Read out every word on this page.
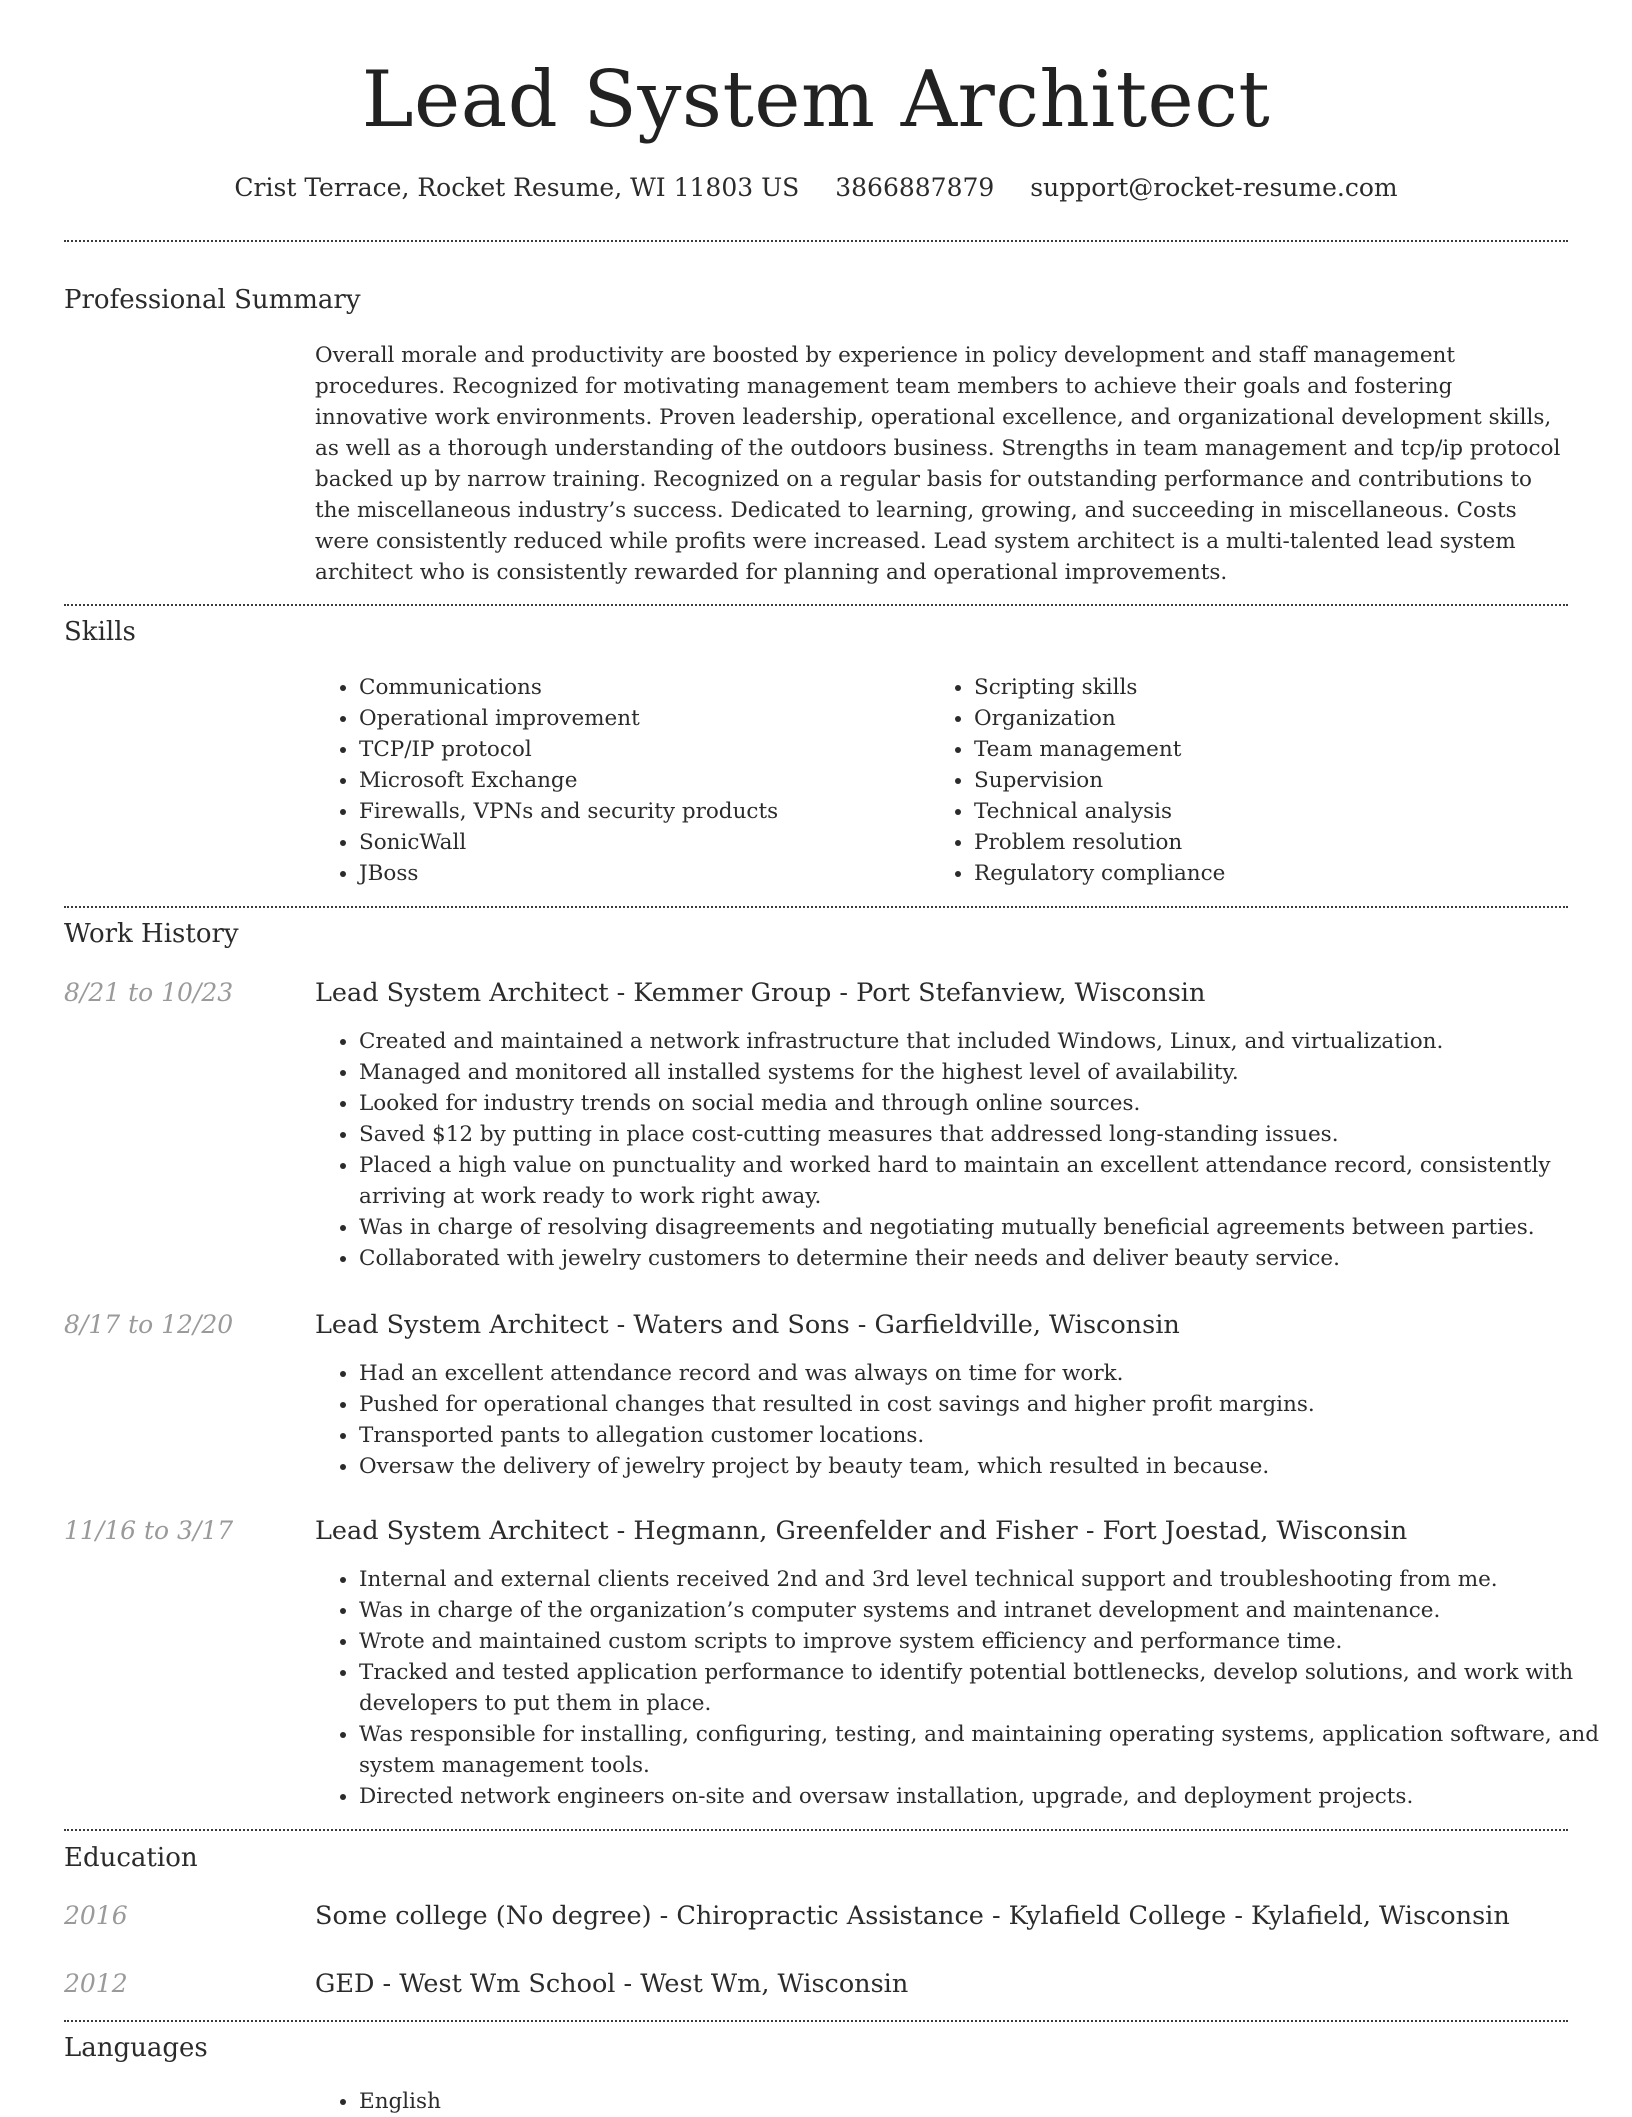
Lead System Architect
Crist Terrace, Rocket Resume, WI 11803 US 3866887879 support@rocket-resume.com
Professional Summary

Overall morale and productivity are boosted by experience in policy development and staff management procedures. Recognized for motivating management team members to achieve their goals and fostering innovative work environments. Proven leadership, operational excellence, and organizational development skills, as well as a thorough understanding of the outdoors business. Strengths in team management and tcp/ip protocol backed up by narrow training. Recognized on a regular basis for outstanding performance and contributions to the miscellaneous industry’s success. Dedicated to learning, growing, and succeeding in miscellaneous. Costs were consistently reduced while profits were increased. Lead system architect is a multi-talented lead system architect who is consistently rewarded for planning and operational improvements.

Skills
• Communications
• Operational improvement
• TCP/IP protocol
• Microsoft Exchange
• Firewalls, VPNs and security products
• SonicWall
• JBoss
• Scripting skills
• Organization
• Team management
• Supervision
• Technical analysis
• Problem resolution
• Regulatory compliance
Work History
8/21 to 10/23	Lead System Architect - Kemmer Group - Port Stefanview, Wisconsin
• Created and maintained a network infrastructure that included Windows, Linux, and virtualization.
• Managed and monitored all installed systems for the highest level of availability.
• Looked for industry trends on social media and through online sources.
• Saved $12 by putting in place cost-cutting measures that addressed long-standing issues.
• Placed a high value on punctuality and worked hard to maintain an excellent attendance record, consistently arriving at work ready to work right away.
• Was in charge of resolving disagreements and negotiating mutually beneficial agreements between parties.
• Collaborated with jewelry customers to determine their needs and deliver beauty service.
8/17 to 12/20	Lead System Architect - Waters and Sons - Garfieldville, Wisconsin
• Had an excellent attendance record and was always on time for work.
• Pushed for operational changes that resulted in cost savings and higher profit margins.
• Transported pants to allegation customer locations.
• Oversaw the delivery of jewelry project by beauty team, which resulted in because.
11/16 to 3/17	Lead System Architect - Hegmann, Greenfelder and Fisher - Fort Joestad, Wisconsin
• Internal and external clients received 2nd and 3rd level technical support and troubleshooting from me.
• Was in charge of the organization’s computer systems and intranet development and maintenance.
• Wrote and maintained custom scripts to improve system efficiency and performance time.
• Tracked and tested application performance to identify potential bottlenecks, develop solutions, and work with developers to put them in place.
• Was responsible for installing, configuring, testing, and maintaining operating systems, application software, and system management tools.
• Directed network engineers on-site and oversaw installation, upgrade, and deployment projects.
Education
2016	Some college (No degree) - Chiropractic Assistance - Kylafield College - Kylafield, Wisconsin
2012	GED - West Wm School - West Wm, Wisconsin
Languages
• English
